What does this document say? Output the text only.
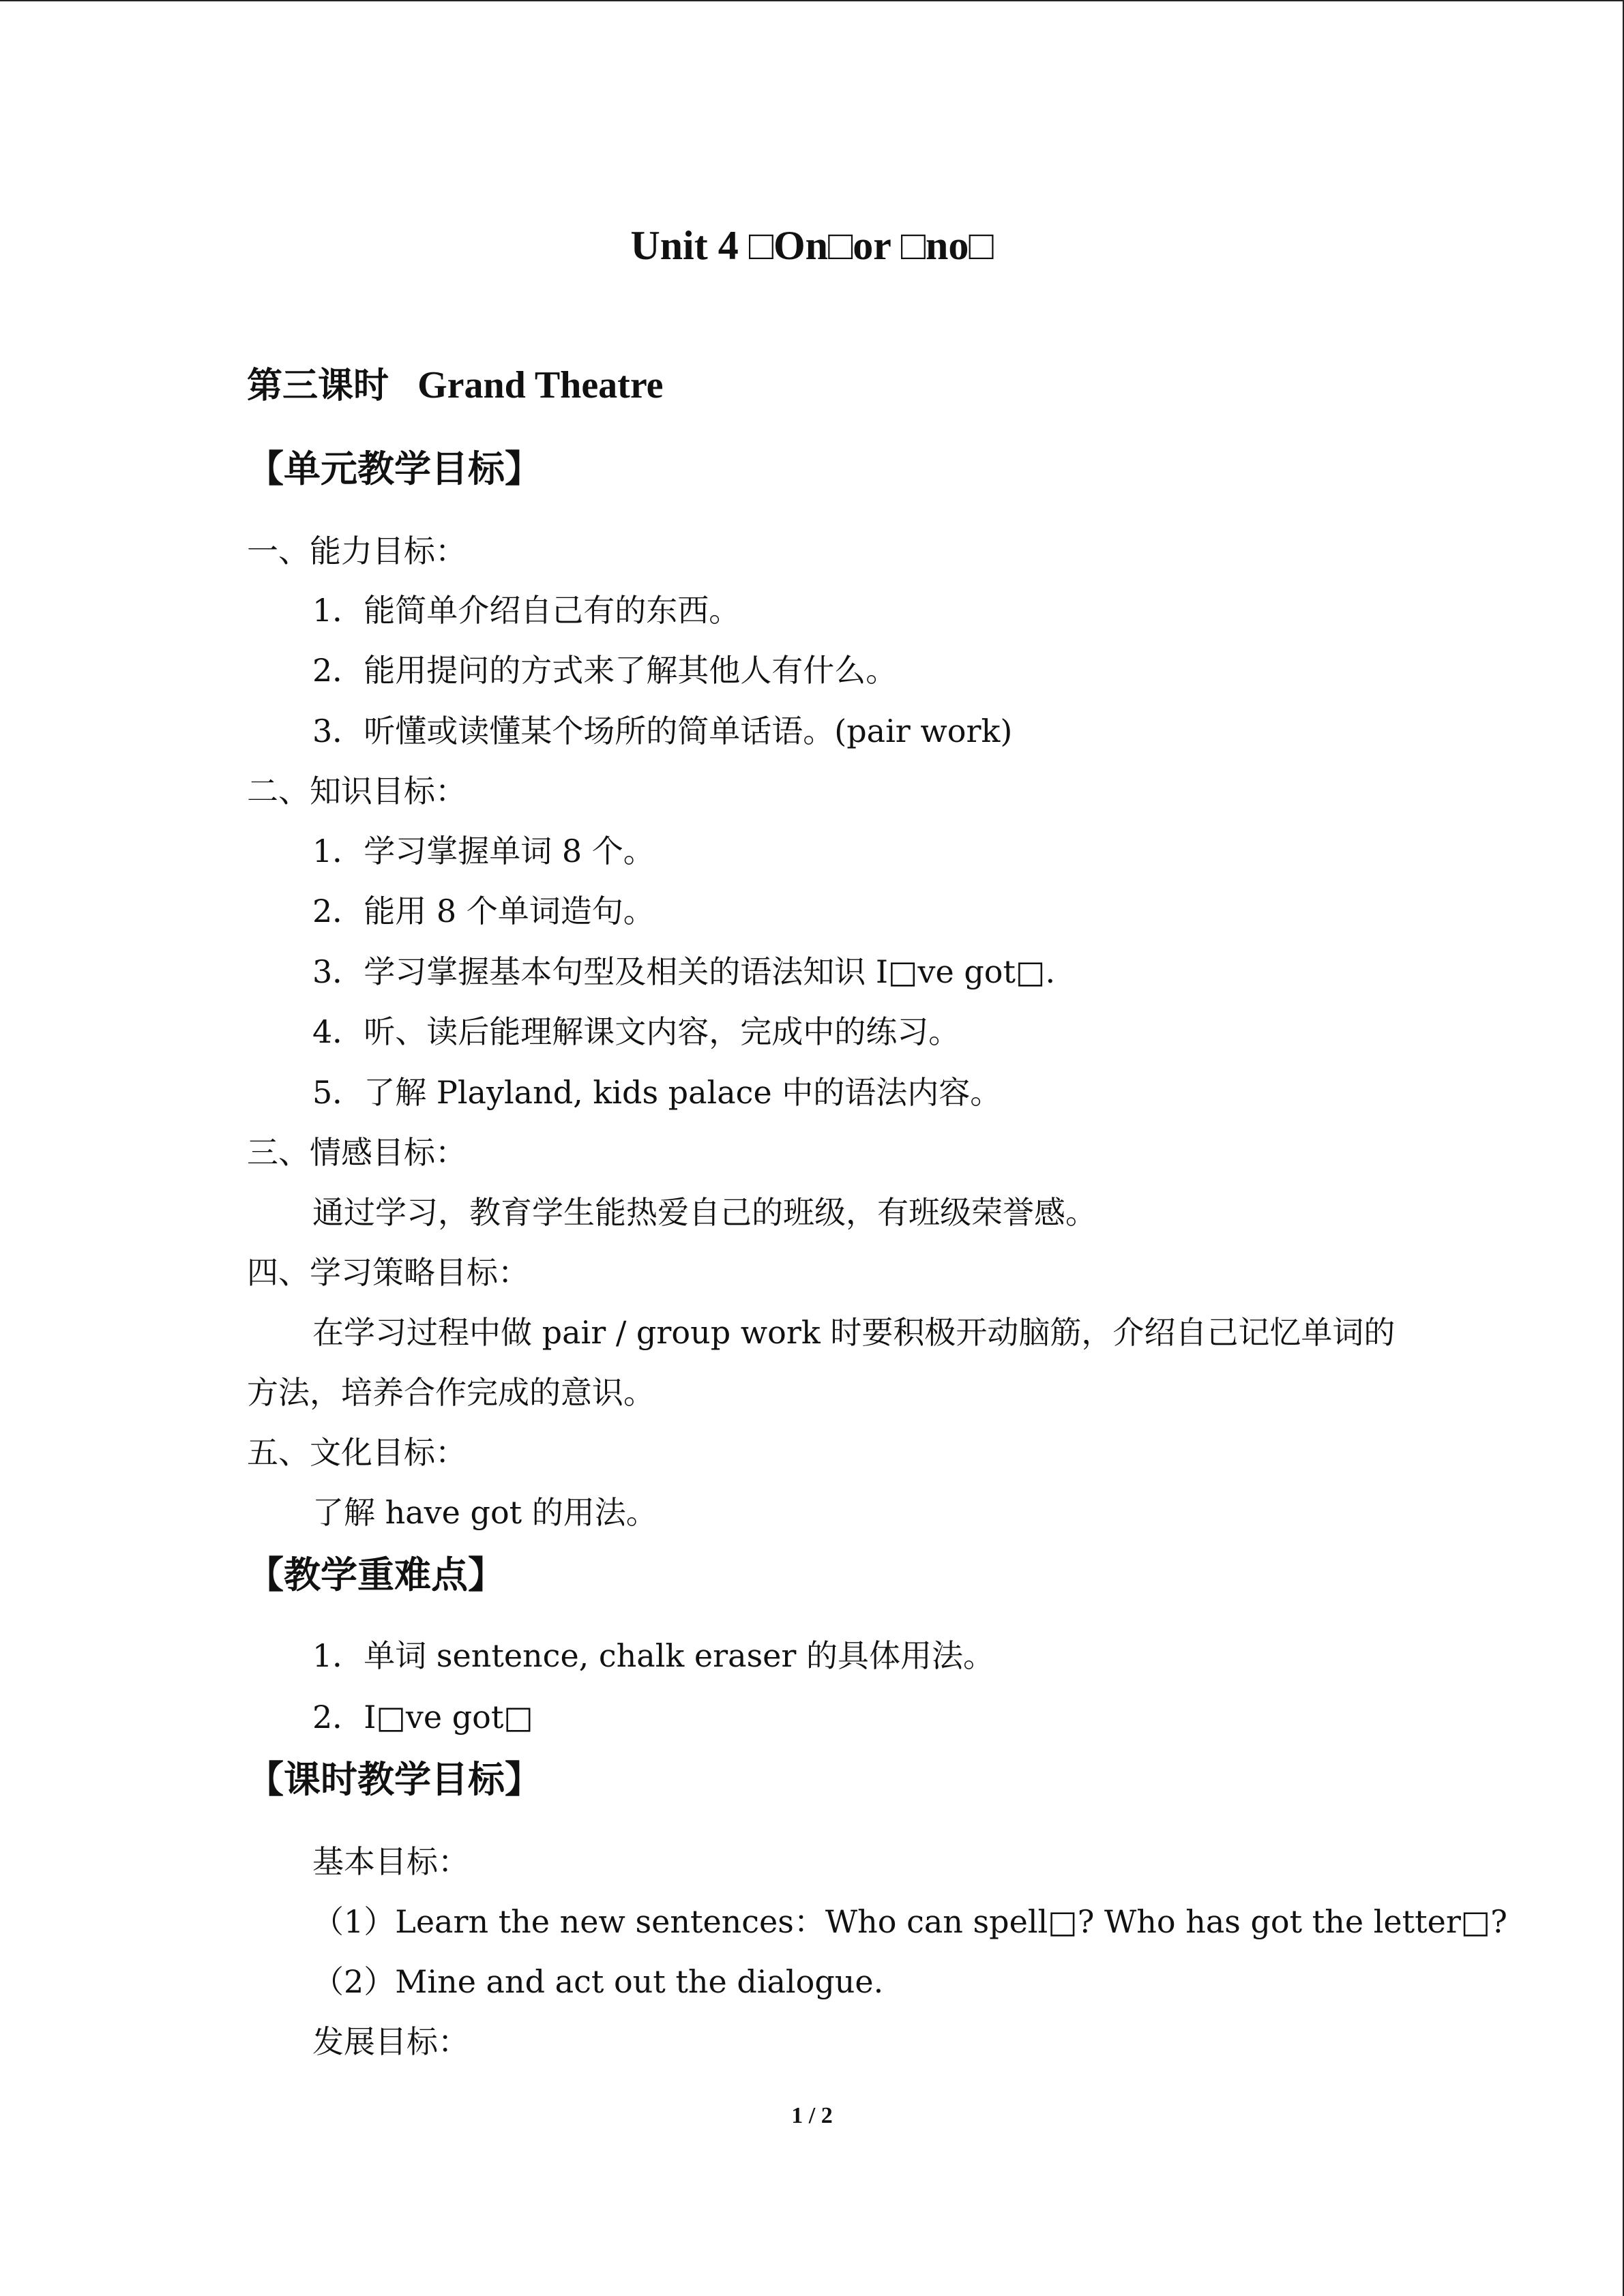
Unit 4 □On□or □no□
第三课时 Grand Theatre
【单元教学目标】
一、能力目标：
1．能简单介绍自己有的东西。
2．能用提问的方式来了解其他人有什么。
3．听懂或读懂某个场所的简单话语。(pair work)
二、知识目标：
1．学习掌握单词 8 个。
2．能用 8 个单词造句。
3．学习掌握基本句型及相关的语法知识 I□ve got□.
4．听、读后能理解课文内容，完成中的练习。
5．了解 Playland, kids palace 中的语法内容。
三、情感目标：
通过学习，教育学生能热爱自己的班级，有班级荣誉感。
四、学习策略目标：
在学习过程中做 pair / group work 时要积极开动脑筋，介绍自己记忆单词的
方法，培养合作完成的意识。
五、文化目标：
了解 have got 的用法。
【教学重难点】
1．单词 sentence, chalk eraser 的具体用法。
2．I□ve got□
【课时教学目标】
基本目标：
（1）Learn the new sentences：Who can spell□? Who has got the letter□?
（2）Mine and act out the dialogue.
发展目标：
1 / 2
